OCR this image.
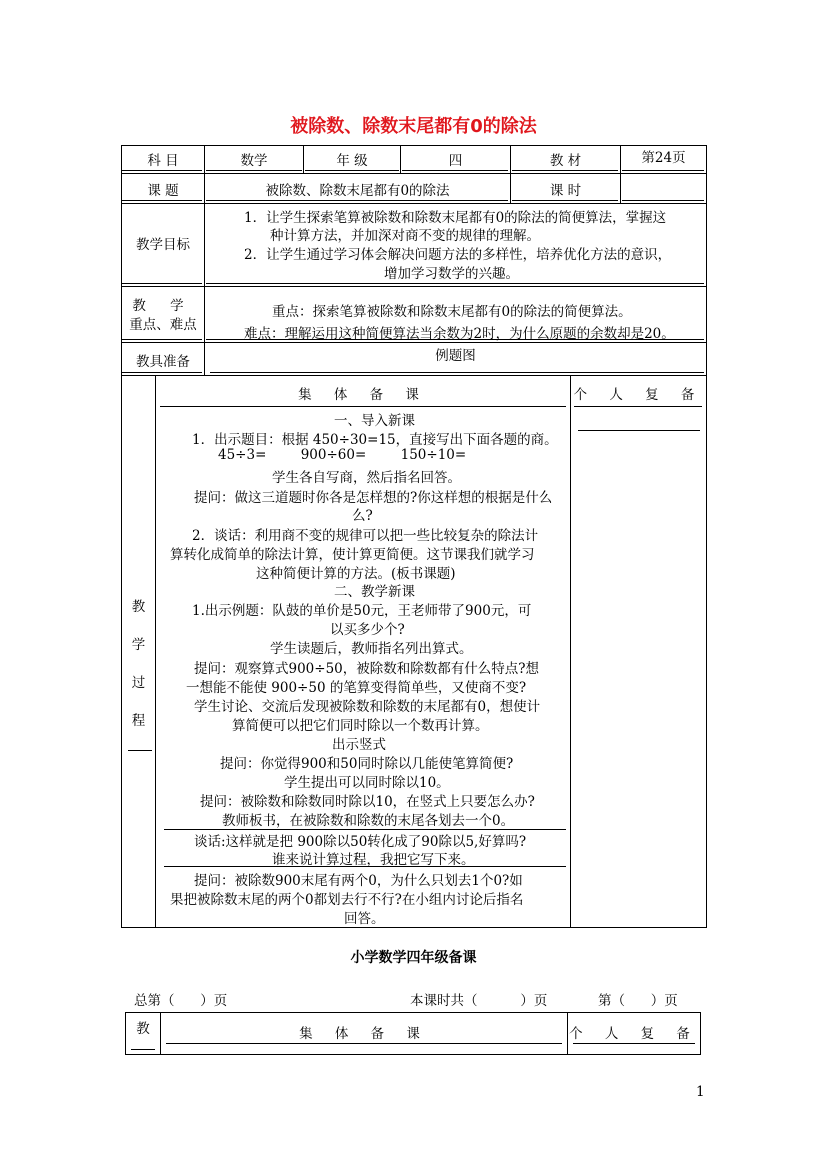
被除数、除数末尾都有0的除法
科 目	数学	年 级	四	教 材	第24页
课 题	被除数、除数末尾都有0的除法	课 时
教学目标
1．让学生探索笔算被除数和除数末尾都有0的除法的简便算法，掌握这
种计算方法，并加深对商不变的规律的理解。
2．让学生通过学习体会解决问题方法的多样性，培养优化方法的意识，
增加学习数学的兴趣。
教 学
重点、难点
重点：探索笔算被除数和除数末尾都有0的除法的简便算法。
难点：理解运用这种简便算法当余数为2时，为什么原题的余数却是20。
教具准备	例题图
教
学
过
程
集 体 备 课	个 人 复 备
一、导入新课
1．出示题目：根据 450÷30=15，直接写出下面各题的商。
45÷3=        900÷60=        150÷10=
学生各自写商，然后指名回答。
提问：做这三道题时你各是怎样想的?你这样想的根据是什么
么?
2．谈话：利用商不变的规律可以把一些比较复杂的除法计
算转化成简单的除法计算，使计算更简便。这节课我们就学习
这种简便计算的方法。(板书课题)
二、教学新课
1.出示例题：队鼓的单价是50元，王老师带了900元，可
以买多少个?
学生读题后，教师指名列出算式。
提问：观察算式900÷50，被除数和除数都有什么特点?想
一想能不能使 900÷50 的笔算变得简单些，又使商不变?
学生讨论、交流后发现被除数和除数的末尾都有0，想使计
算简便可以把它们同时除以一个数再计算。
出示竖式
提问：你觉得900和50同时除以几能使笔算简便?
学生提出可以同时除以10。
提问：被除数和除数同时除以10，在竖式上只要怎么办?
教师板书，在被除数和除数的末尾各划去一个0。
谈话:这样就是把 900除以50转化成了90除以5,好算吗?
谁来说计算过程，我把它写下来。
提问：被除数900末尾有两个0，为什么只划去1个0?如
果把被除数末尾的两个0都划去行不行?在小组内讨论后指名
回答。
小学数学四年级备课
总第（      ）页	本课时共（          ）页	第（      ）页
教	集 体 备 课	个 人 复 备
1
